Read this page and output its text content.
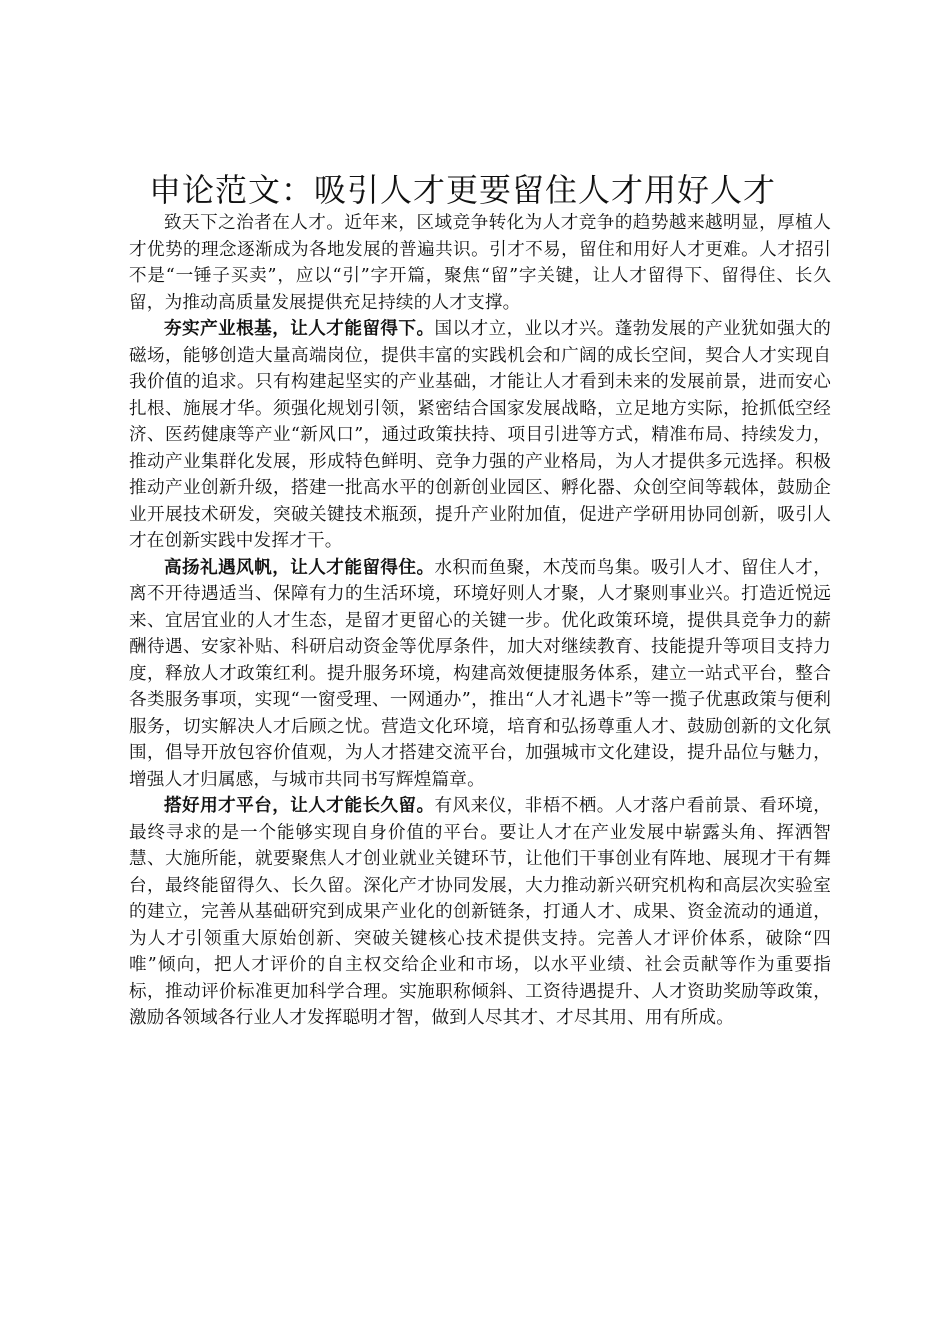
申论范文：吸引人才更要留住人才用好人才

致天下之治者在人才。近年来，区域竞争转化为人才竞争的趋势越来越明显，厚植人才优势的理念逐渐成为各地发展的普遍共识。引才不易，留住和用好人才更难。人才招引不是“一锤子买卖”，应以“引”字开篇，聚焦“留”字关键，让人才留得下、留得住、长久留，为推动高质量发展提供充足持续的人才支撑。

夯实产业根基，让人才能留得下。国以才立，业以才兴。蓬勃发展的产业犹如强大的磁场，能够创造大量高端岗位，提供丰富的实践机会和广阔的成长空间，契合人才实现自我价值的追求。只有构建起坚实的产业基础，才能让人才看到未来的发展前景，进而安心扎根、施展才华。须强化规划引领，紧密结合国家发展战略，立足地方实际，抢抓低空经济、医药健康等产业“新风口”，通过政策扶持、项目引进等方式，精准布局、持续发力，推动产业集群化发展，形成特色鲜明、竞争力强的产业格局，为人才提供多元选择。积极推动产业创新升级，搭建一批高水平的创新创业园区、孵化器、众创空间等载体，鼓励企业开展技术研发，突破关键技术瓶颈，提升产业附加值，促进产学研用协同创新，吸引人才在创新实践中发挥才干。

高扬礼遇风帆，让人才能留得住。水积而鱼聚，木茂而鸟集。吸引人才、留住人才，离不开待遇适当、保障有力的生活环境，环境好则人才聚，人才聚则事业兴。打造近悦远来、宜居宜业的人才生态，是留才更留心的关键一步。优化政策环境，提供具竞争力的薪酬待遇、安家补贴、科研启动资金等优厚条件，加大对继续教育、技能提升等项目支持力度，释放人才政策红利。提升服务环境，构建高效便捷服务体系，建立一站式平台，整合各类服务事项，实现“一窗受理、一网通办”，推出“人才礼遇卡”等一揽子优惠政策与便利服务，切实解决人才后顾之忧。营造文化环境，培育和弘扬尊重人才、鼓励创新的文化氛围，倡导开放包容价值观，为人才搭建交流平台，加强城市文化建设，提升品位与魅力，增强人才归属感，与城市共同书写辉煌篇章。

搭好用才平台，让人才能长久留。有风来仪，非梧不栖。人才落户看前景、看环境，最终寻求的是一个能够实现自身价值的平台。要让人才在产业发展中崭露头角、挥洒智慧、大施所能，就要聚焦人才创业就业关键环节，让他们干事创业有阵地、展现才干有舞台，最终能留得久、长久留。深化产才协同发展，大力推动新兴研究机构和高层次实验室的建立，完善从基础研究到成果产业化的创新链条，打通人才、成果、资金流动的通道，为人才引领重大原始创新、突破关键核心技术提供支持。完善人才评价体系，破除“四唯”倾向，把人才评价的自主权交给企业和市场，以水平业绩、社会贡献等作为重要指标，推动评价标准更加科学合理。实施职称倾斜、工资待遇提升、人才资助奖励等政策，激励各领域各行业人才发挥聪明才智，做到人尽其才、才尽其用、用有所成。
